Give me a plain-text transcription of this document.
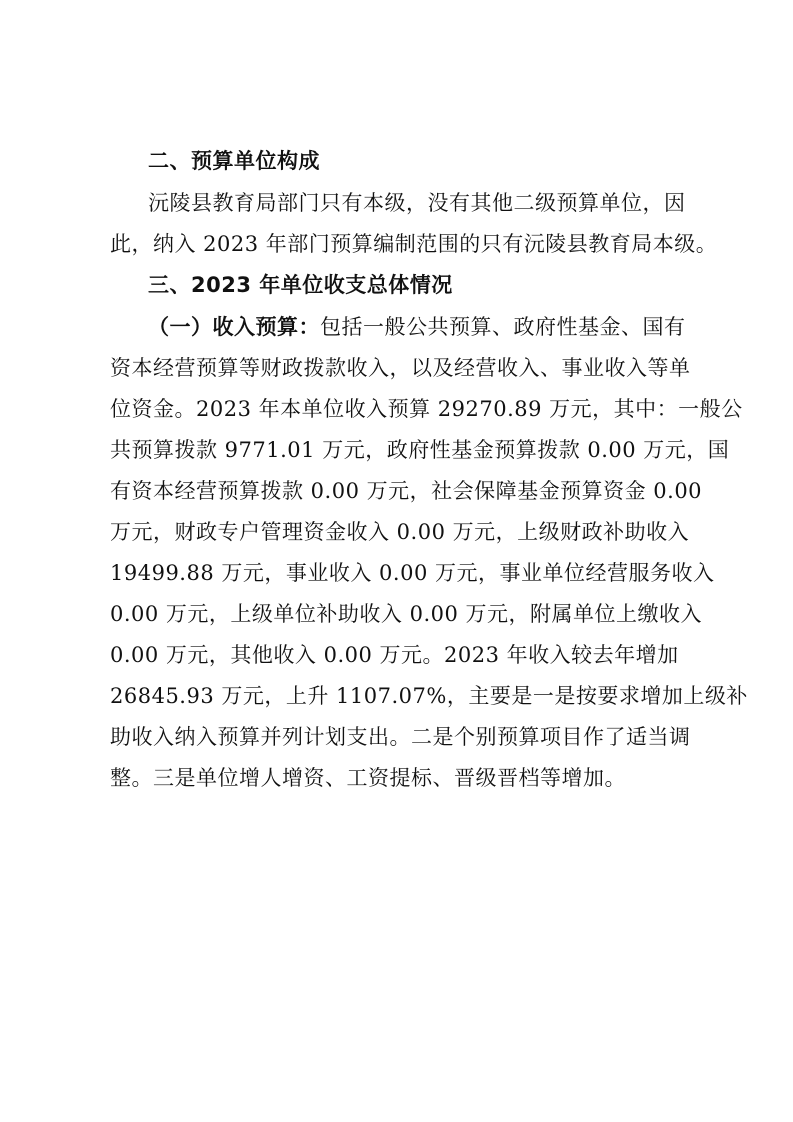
二、预算单位构成
沅陵县教育局部门只有本级，没有其他二级预算单位，因
此，纳入 2023 年部门预算编制范围的只有沅陵县教育局本级。
三、2023 年单位收支总体情况
（一）收入预算：包括一般公共预算、政府性基金、国有
资本经营预算等财政拨款收入，以及经营收入、事业收入等单
位资金。2023 年本单位收入预算 29270.89 万元，其中：一般公
共预算拨款 9771.01 万元，政府性基金预算拨款 0.00 万元，国
有资本经营预算拨款 0.00 万元，社会保障基金预算资金 0.00
万元，财政专户管理资金收入 0.00 万元，上级财政补助收入
19499.88 万元，事业收入 0.00 万元，事业单位经营服务收入
0.00 万元，上级单位补助收入 0.00 万元，附属单位上缴收入
0.00 万元，其他收入 0.00 万元。2023 年收入较去年增加
26845.93 万元，上升 1107.07%，主要是一是按要求增加上级补
助收入纳入预算并列计划支出。二是个别预算项目作了适当调
整。三是单位增人增资、工资提标、晋级晋档等增加。
